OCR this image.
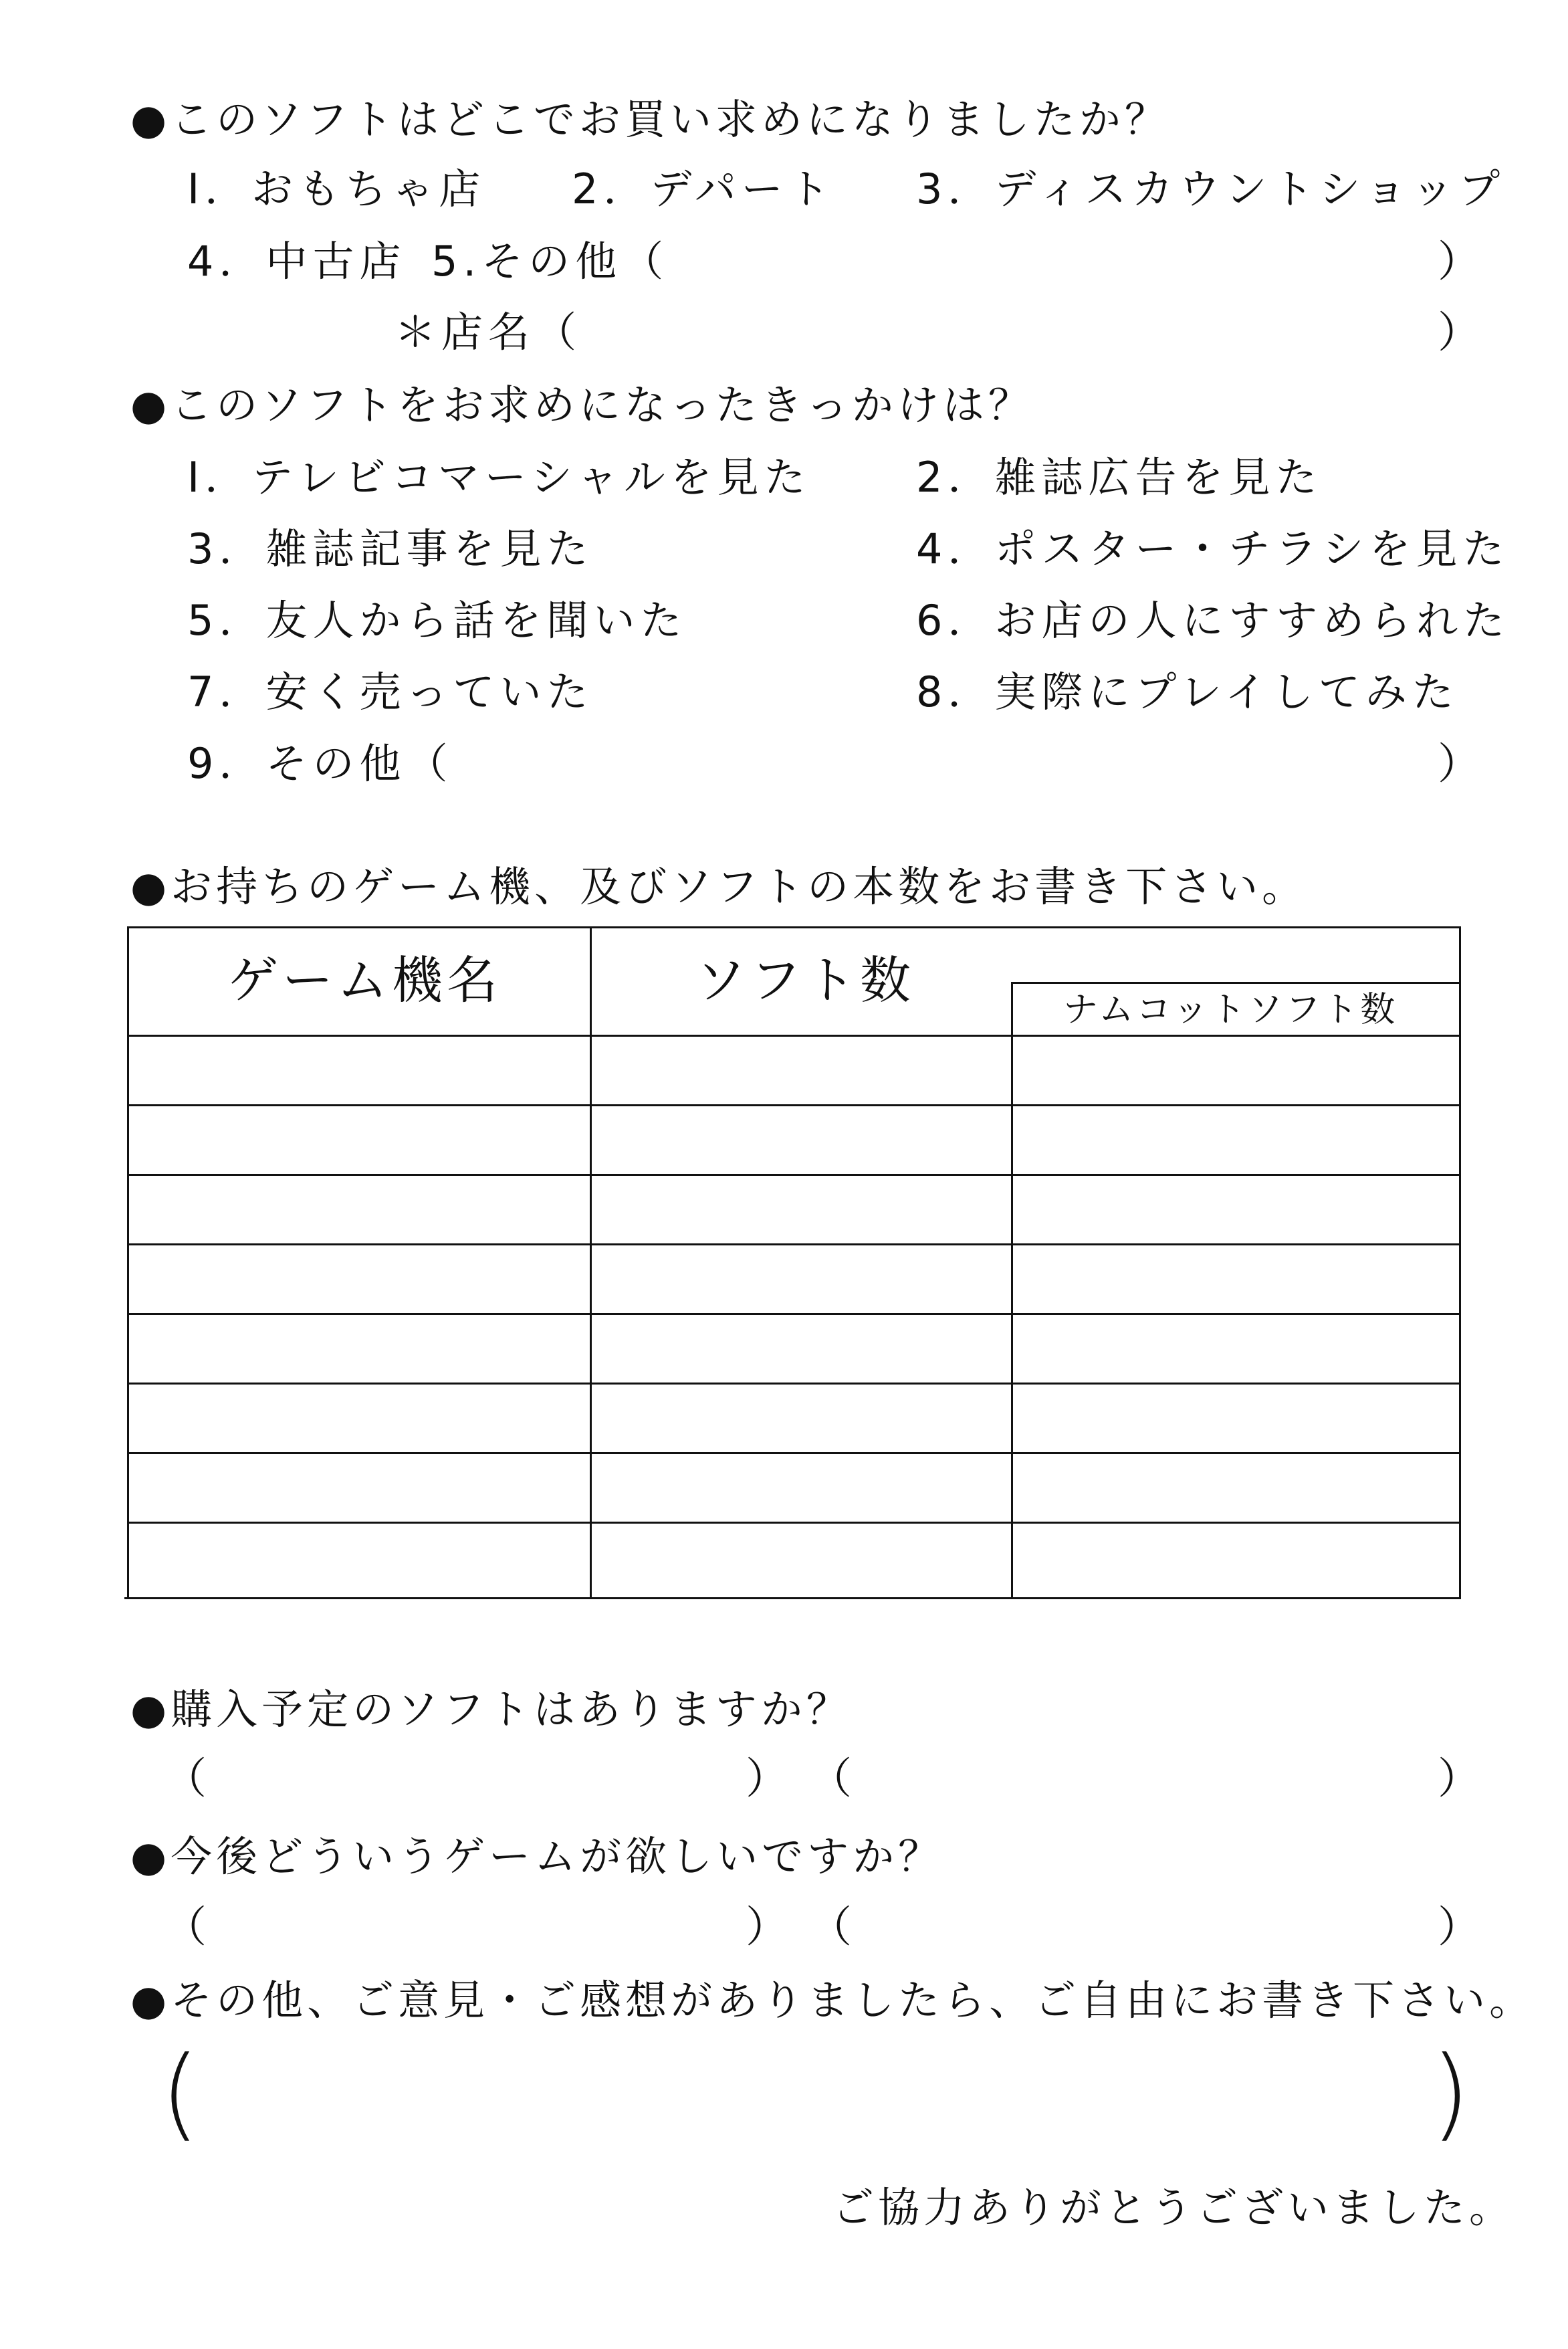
●このソフトはどこでお買い求めになりましたか？
I．おもちゃ店 2．デパート 3．ディスカウントショップ
4．中古店 5.その他（	）
＊店名（	）
●このソフトをお求めになったきっかけは？
I．テレビコマーシャルを見た	2．雑誌広告を見た
3．雑誌記事を見た	4．ポスター・チラシを見た
5．友人から話を聞いた	6．お店の人にすすめられた
7．安く売っていた	8．実際にプレイしてみた
9．その他（	）
●お持ちのゲーム機、及びソフトの本数をお書き下さい。
ゲーム機名	ソフト数	ナムコットソフト数
●購入予定のソフトはありますか？
（	） （	）
●今後どういうゲームが欲しいですか？
（	） （	）
●その他、ご意見・ご感想がありましたら、ご自由にお書き下さい。
(	)
ご協力ありがとうございました。
